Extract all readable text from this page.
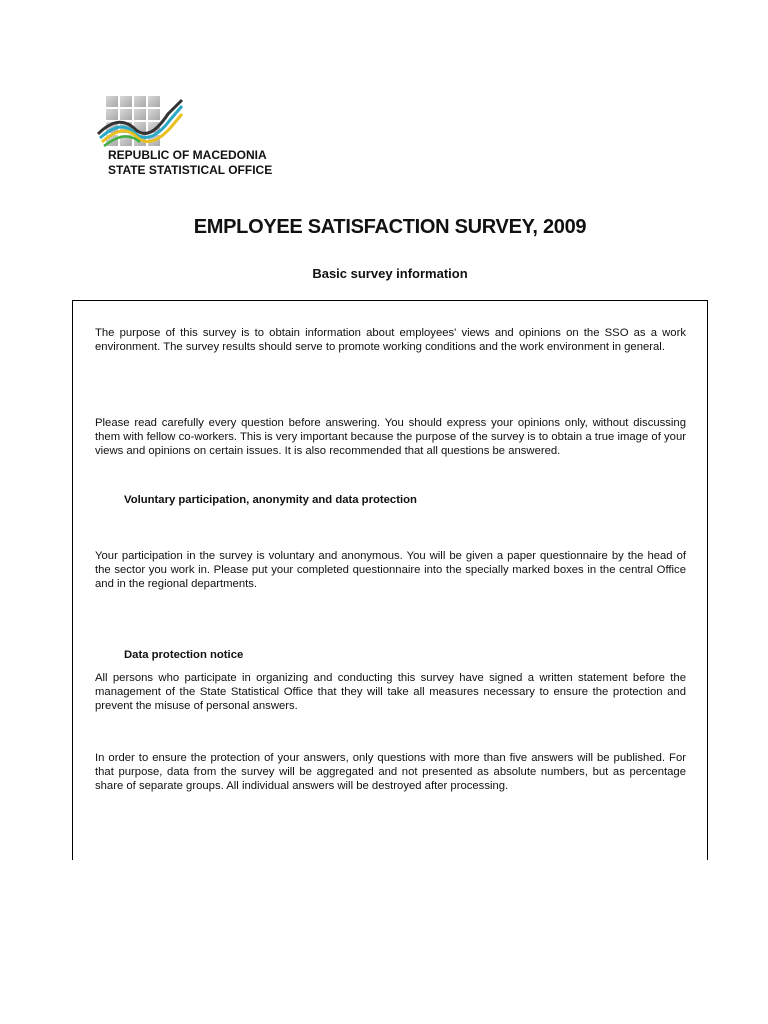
REPUBLIC OF MACEDONIA
STATE STATISTICAL OFFICE
EMPLOYEE SATISFACTION SURVEY, 2009
Basic survey information
The purpose of this survey is to obtain information about employees' views and opinions on the SSO as a work environment. The survey results should serve to promote working conditions and the work environment in general.
Please read carefully every question before answering. You should express your opinions only, without discussing them with fellow co-workers. This is very important because the purpose of the survey is to obtain a true image of your views and opinions on certain issues. It is also recommended that all questions be answered.
Voluntary participation, anonymity and data protection
Your participation in the survey is voluntary and anonymous. You will be given a paper questionnaire by the head of the sector you work in. Please put your completed questionnaire into the specially marked boxes in the central Office and in the regional departments.
Data protection notice
All persons who participate in organizing and conducting this survey have signed a written statement before the management of the State Statistical Office that they will take all measures necessary to ensure the protection and prevent the misuse of personal answers.
In order to ensure the protection of your answers, only questions with more than five answers will be published. For that purpose, data from the survey will be aggregated and not presented as absolute numbers, but as percentage share of separate groups. All individual answers will be destroyed after processing.
